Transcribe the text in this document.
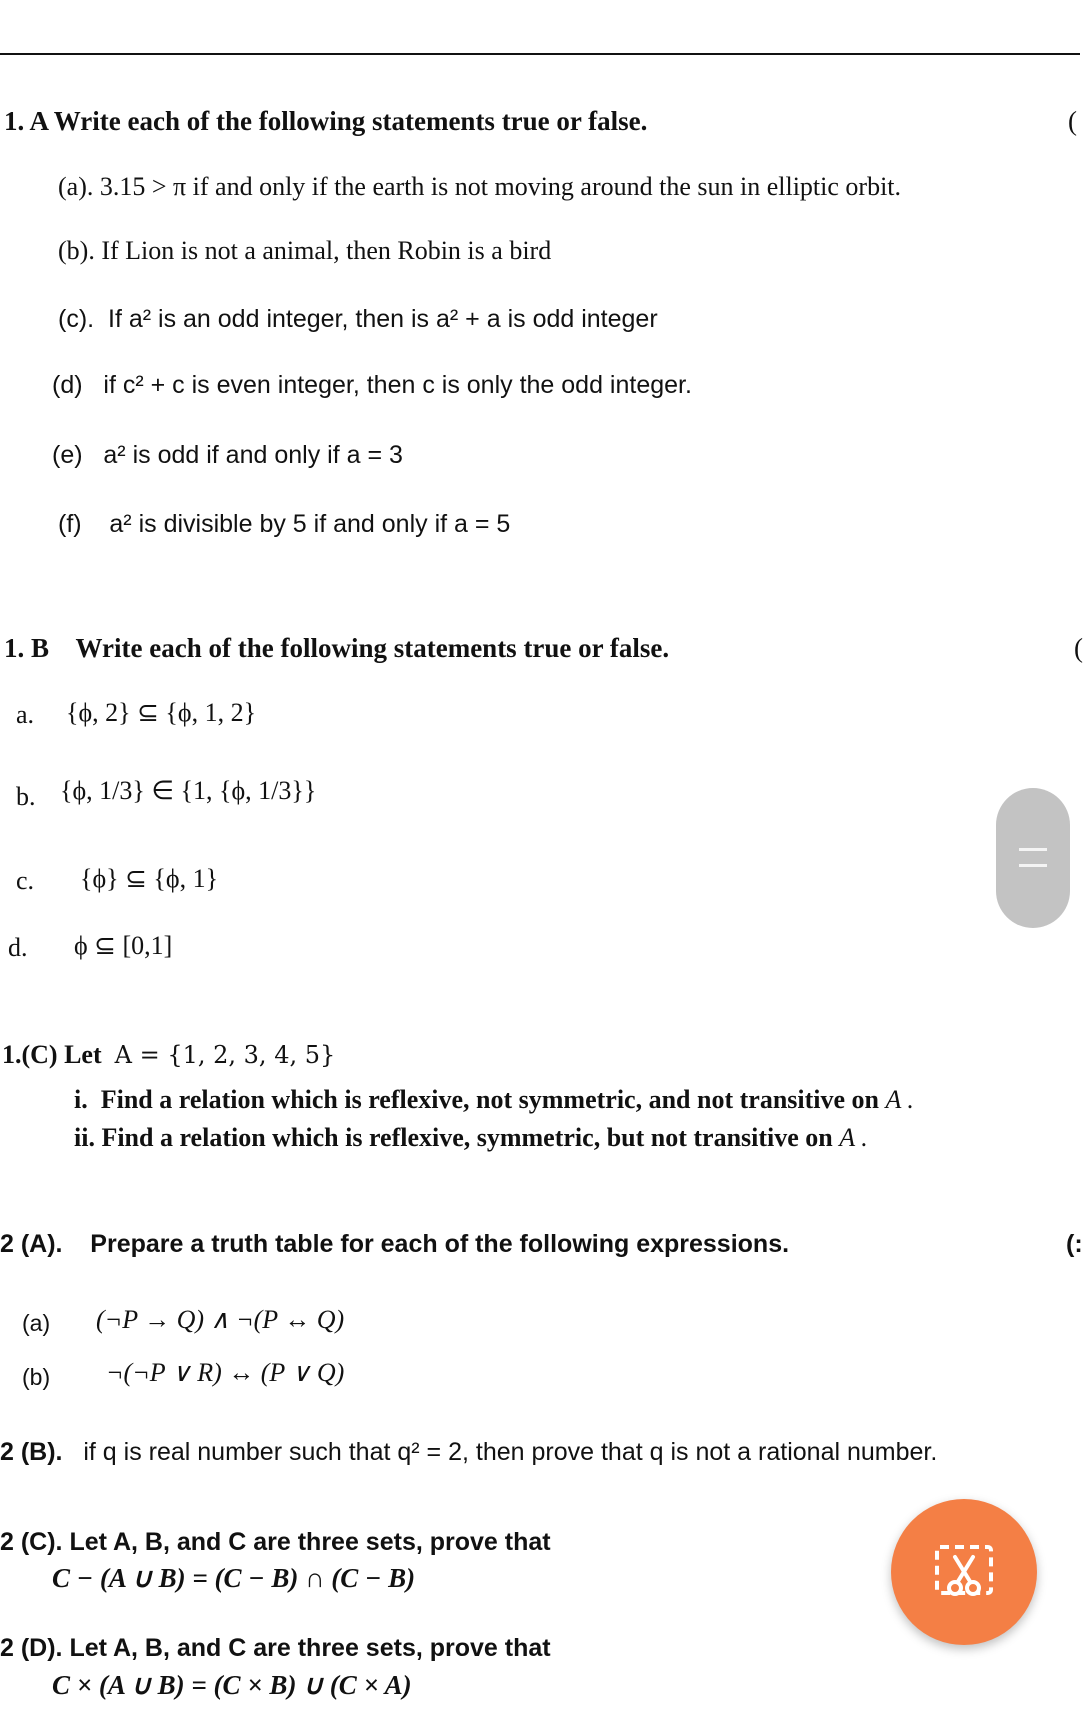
1. A Write each of the following statements true or false.	(
(a). 3.15 > π if and only if the earth is not moving around the sun in elliptic orbit.
(b). If Lion is not a animal, then Robin is a bird
(c). If a² is an odd integer, then is a² + a is odd integer
(d) if c² + c is even integer, then c is only the odd integer.
(e) a² is odd if and only if a = 3
(f) a² is divisible by 5 if and only if a = 5
1. B Write each of the following statements true or false.	(
a. {ϕ, 2} ⊆ {ϕ, 1, 2}
b. {ϕ, 1/3} ∈ {1, {ϕ, 1/3}}
c. {ϕ} ⊆ {ϕ, 1}
d. ϕ ⊆ [0,1]
1.(C) Let A = {1, 2, 3, 4, 5}
i. Find a relation which is reflexive, not symmetric, and not transitive on A .
ii. Find a relation which is reflexive, symmetric, but not transitive on A .
2 (A). Prepare a truth table for each of the following expressions.	(:
(a) (¬P → Q) ∧ ¬(P ↔ Q)
(b) ¬(¬P ∨ R) ↔ (P ∨ Q)
2 (B). if q is real number such that q² = 2, then prove that q is not a rational number.
2 (C). Let A, B, and C are three sets, prove that
C − (A ∪ B) = (C − B) ∩ (C − B)
2 (D). Let A, B, and C are three sets, prove that
C × (A ∪ B) = (C × B) ∪ (C × A)
